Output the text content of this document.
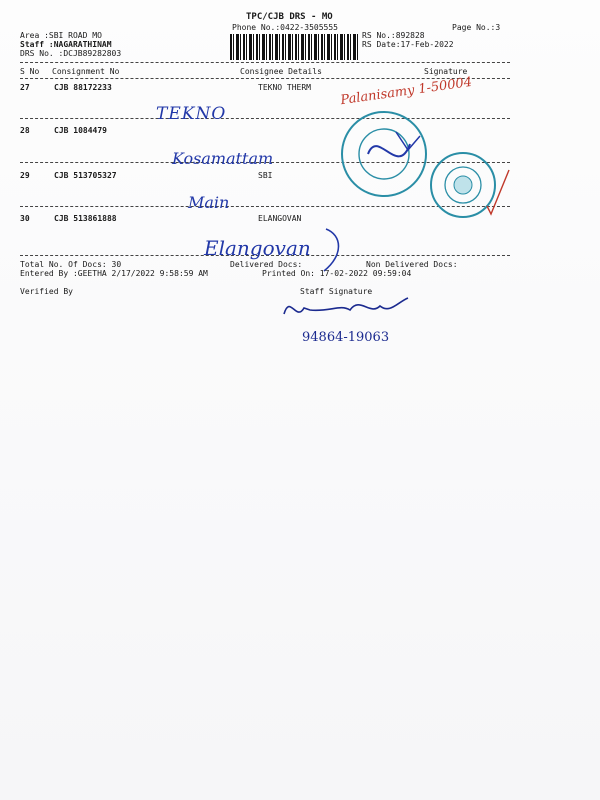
TPC/CJB DRS - MO
Phone No.:0422-3505555	Page No.:3
Area :SBI ROAD MO
Staff :NAGARATHINAM
DRS No. :DCJB89282803
RS No.:892828
RS Date:17-Feb-2022
S No Consignment No	Consignee Details	Signature
27	CJB 88172233	TEKNO THERM
28	CJB 1084479
29	CJB 513705327	SBI
30	CJB 513861888	ELANGOVAN
TEKNO
Kosamattam
Main
Elangovan
Palanisamy 1-50004
Total No. Of Docs: 30	Delivered Docs:	Non Delivered Docs:
Entered By :GEETHA 2/17/2022 9:58:59 AM	Printed On: 17-02-2022 09:59:04
Verified By	Staff Signature
94864-19063
